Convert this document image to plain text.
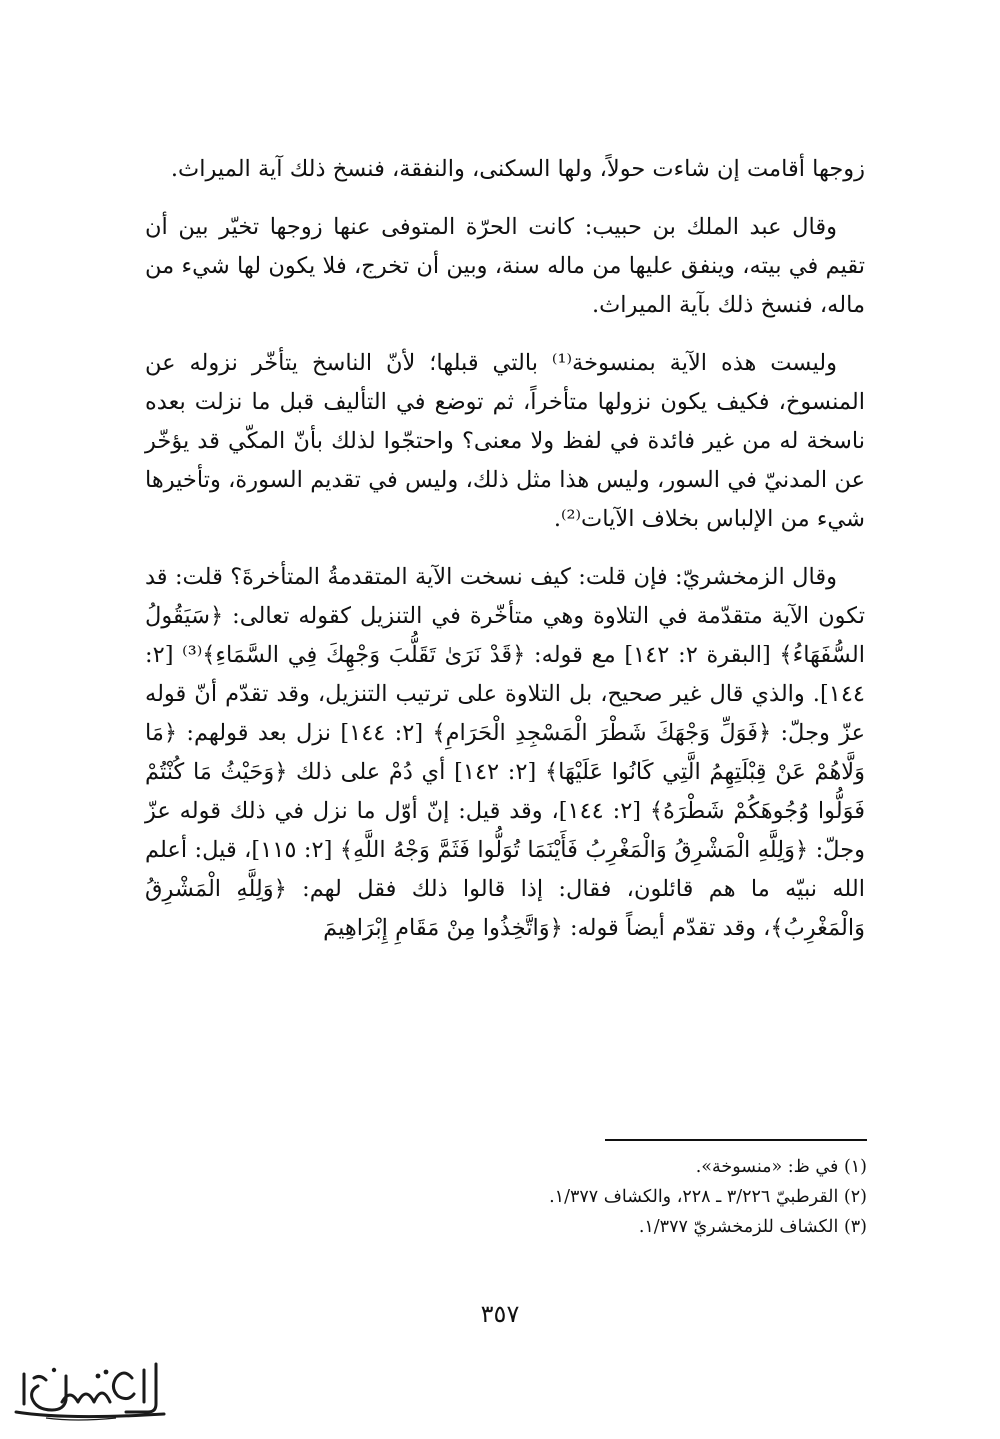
زوجها أقامت إن شاءت حولاً، ولها السكنى، والنفقة، فنسخ ذلك آية الميراث.

وقال عبد الملك بن حبيب: كانت الحرّة المتوفى عنها زوجها تخيّر بين أن تقيم في بيته، وينفق عليها من ماله سنة، وبين أن تخرج، فلا يكون لها شيء من ماله، فنسخ ذلك بآية الميراث.

وليست هذه الآية بمنسوخة⁽¹⁾ بالتي قبلها؛ لأنّ الناسخ يتأخّر نزوله عن المنسوخ، فكيف يكون نزولها متأخراً، ثم توضع في التأليف قبل ما نزلت بعده ناسخة له من غير فائدة في لفظ ولا معنى؟ واحتجّوا لذلك بأنّ المكّي قد يؤخّر عن المدنيّ في السور، وليس هذا مثل ذلك، وليس في تقديم السورة، وتأخيرها شيء من الإلباس بخلاف الآيات⁽²⁾.

وقال الزمخشريّ: فإن قلت: كيف نسخت الآية المتقدمةُ المتأخرةَ؟ قلت: قد تكون الآية متقدّمة في التلاوة وهي متأخّرة في التنزيل كقوله تعالى: ﴿سَيَقُولُ السُّفَهَاءُ﴾ [البقرة ٢: ١٤٢] مع قوله: ﴿قَدْ نَرَىٰ تَقَلُّبَ وَجْهِكَ فِي السَّمَاءِ﴾⁽³⁾ [٢: ١٤٤]. والذي قال غير صحيح، بل التلاوة على ترتيب التنزيل، وقد تقدّم أنّ قوله عزّ وجلّ: ﴿فَوَلِّ وَجْهَكَ شَطْرَ الْمَسْجِدِ الْحَرَامِ﴾ [٢: ١٤٤] نزل بعد قولهم: ﴿مَا وَلَّاهُمْ عَنْ قِبْلَتِهِمُ الَّتِي كَانُوا عَلَيْهَا﴾ [٢: ١٤٢] أي دُمْ على ذلك ﴿وَحَيْثُ مَا كُنْتُمْ فَوَلُّوا وُجُوهَكُمْ شَطْرَهُ﴾ [٢: ١٤٤]، وقد قيل: إنّ أوّل ما نزل في ذلك قوله عزّ وجلّ: ﴿وَلِلَّهِ الْمَشْرِقُ وَالْمَغْرِبُ فَأَيْنَمَا تُوَلُّوا فَثَمَّ وَجْهُ اللَّهِ﴾ [٢: ١١٥]، قيل: أعلم الله نبيّه ما هم قائلون، فقال: إذا قالوا ذلك فقل لهم: ﴿وَلِلَّهِ الْمَشْرِقُ وَالْمَغْرِبُ﴾، وقد تقدّم أيضاً قوله: ﴿وَاتَّخِذُوا مِنْ مَقَامِ إِبْرَاهِيمَ

(١) في ظ: «منسوخة».

(٢) القرطبيّ ٣/٢٢٦ ـ ٢٢٨، والكشاف ١/٣٧٧.

(٣) الكشاف للزمخشريّ ١/٣٧٧.

٣٥٧
